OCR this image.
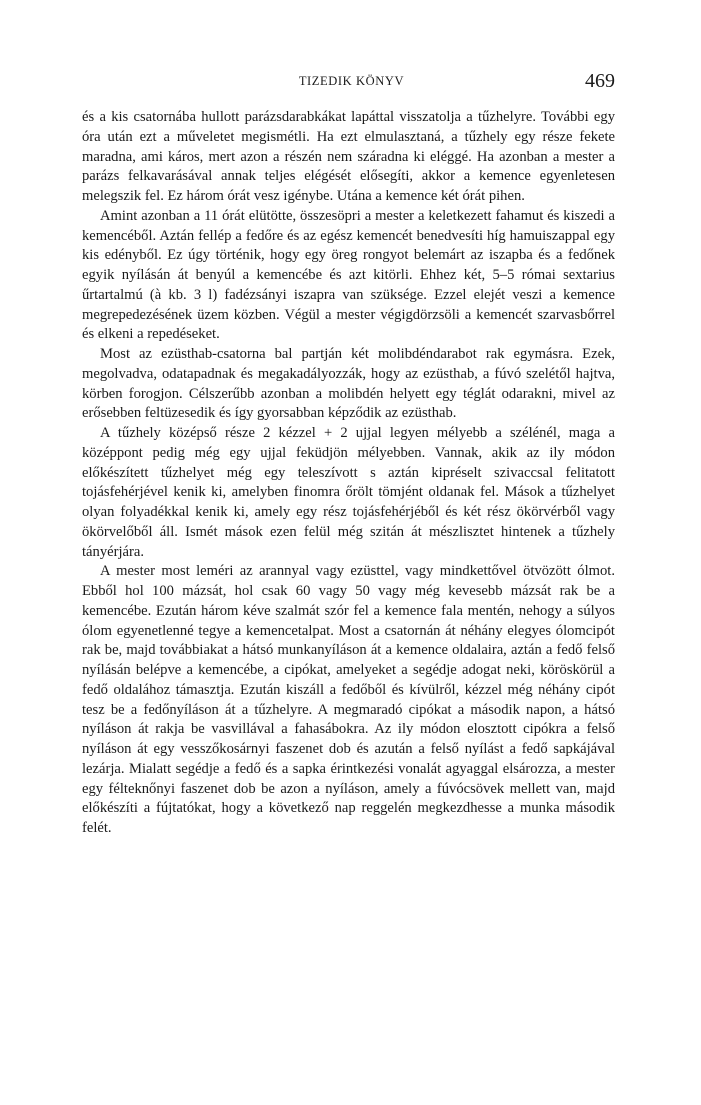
TIZEDIK KÖNYV	469

és a kis csatornába hullott parázsdarabkákat lapáttal visszatolja a tűzhelyre. További egy óra után ezt a műveletet megismétli. Ha ezt elmulasztaná, a tűzhely egy része fekete maradna, ami káros, mert azon a részén nem száradna ki eléggé. Ha azonban a mester a parázs felkavarásával annak teljes elégését elősegíti, akkor a kemence egyenletesen melegszik fel. Ez három órát vesz igénybe. Utána a kemence két órát pihen.

Amint azonban a 11 órát elütötte, összesöpri a mester a keletkezett fahamut és kiszedi a kemencéből. Aztán fellép a fedőre és az egész kemencét benedvesíti híg hamuiszappal egy kis edényből. Ez úgy történik, hogy egy öreg rongyot belemárt az iszapba és a fedőnek egyik nyílásán át benyúl a kemencébe és azt kitörli. Ehhez két, 5–5 római sextarius űrtartalmú (à kb. 3 l) fadézsányi iszapra van szüksége. Ezzel elejét veszi a kemence megrepedezésének üzem közben. Végül a mester végigdörzsöli a kemencét szarvasbőrrel és elkeni a repedéseket.

Most az ezüsthab-csatorna bal partján két molibdéndarabot rak egymásra. Ezek, megolvadva, odatapadnak és megakadályozzák, hogy az ezüsthab, a fúvó szelétől hajtva, körben forogjon. Célszerűbb azonban a molibdén helyett egy téglát odarakni, mivel az erősebben feltüzesedik és így gyorsabban képződik az ezüsthab.

A tűzhely középső része 2 kézzel + 2 ujjal legyen mélyebb a szélénél, maga a középpont pedig még egy ujjal feküdjön mélyebben. Vannak, akik az ily módon előkészített tűzhelyet még egy teleszívott s aztán kipréselt szivaccsal felitatott tojásfehérjével kenik ki, amelyben finomra őrölt tömjént oldanak fel. Mások a tűzhelyet olyan folyadékkal kenik ki, amely egy rész tojásfehérjéből és két rész ökörvérből vagy ökörvelőből áll. Ismét mások ezen felül még szitán át mészlisztet hintenek a tűzhely tányérjára.

A mester most leméri az arannyal vagy ezüsttel, vagy mindkettővel ötvözött ólmot. Ebből hol 100 mázsát, hol csak 60 vagy 50 vagy még kevesebb mázsát rak be a kemencébe. Ezután három kéve szalmát szór fel a kemence fala mentén, nehogy a súlyos ólom egyenetlenné tegye a kemencetalpat. Most a csatornán át néhány elegyes ólomcipót rak be, majd továbbiakat a hátsó munkanyíláson át a kemence oldalaira, aztán a fedő felső nyílásán belépve a kemencébe, a cipókat, amelyeket a segédje adogat neki, köröskörül a fedő oldalához támasztja. Ezután kiszáll a fedőből és kívülről, kézzel még néhány cipót tesz be a fedőnyíláson át a tűzhelyre. A megmaradó cipókat a második napon, a hátsó nyíláson át rakja be vasvillával a fahasábokra. Az ily módon elosztott cipókra a felső nyíláson át egy vesszőkosárnyi faszenet dob és azután a felső nyílást a fedő sapkájával lezárja. Mialatt segédje a fedő és a sapka érintkezési vonalát agyaggal elsározza, a mester egy félteknőnyi faszenet dob be azon a nyíláson, amely a fúvócsövek mellett van, majd előkészíti a fújtatókat, hogy a következő nap reggelén megkezdhesse a munka második felét.
